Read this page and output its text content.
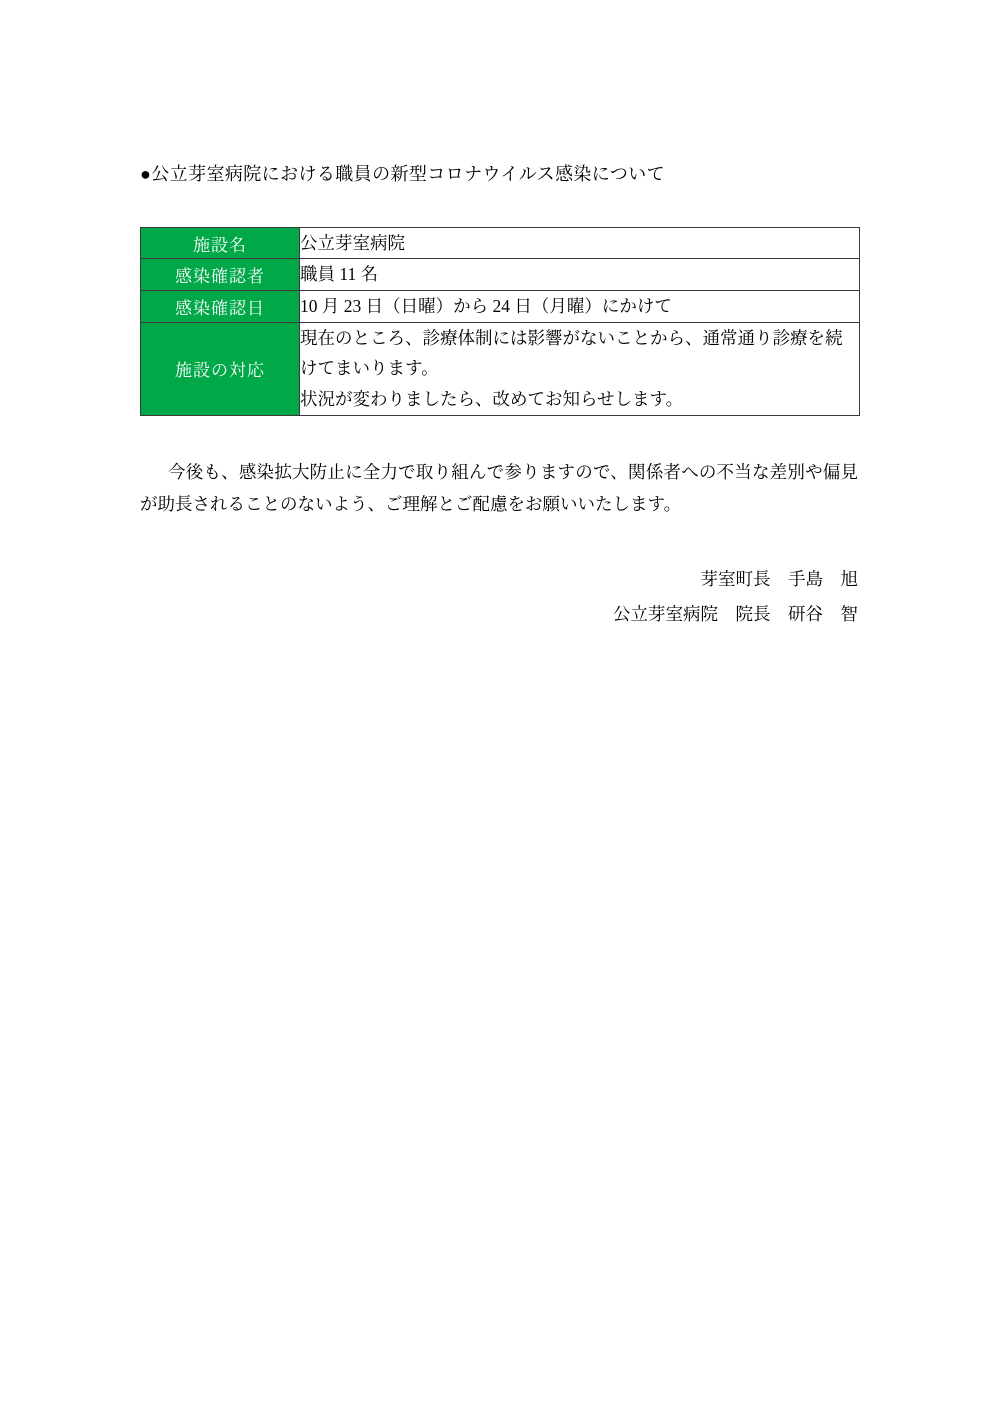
●公立芽室病院における職員の新型コロナウイルス感染について
施設名	公立芽室病院
感染確認者	職員 11 名
感染確認日	10 月 23 日（日曜）から 24 日（月曜）にかけて
施設の対応	現在のところ、診療体制には影響がないことから、通常通り診療を続
けてまいります。
状況が変わりましたら、改めてお知らせします。

今後も、感染拡大防止に全力で取り組んで参りますので、関係者への不当な差別や偏見が助長されることのないよう、ご理解とご配慮をお願いいたします。

芽室町長　手島　旭
公立芽室病院　院長　研谷　智
